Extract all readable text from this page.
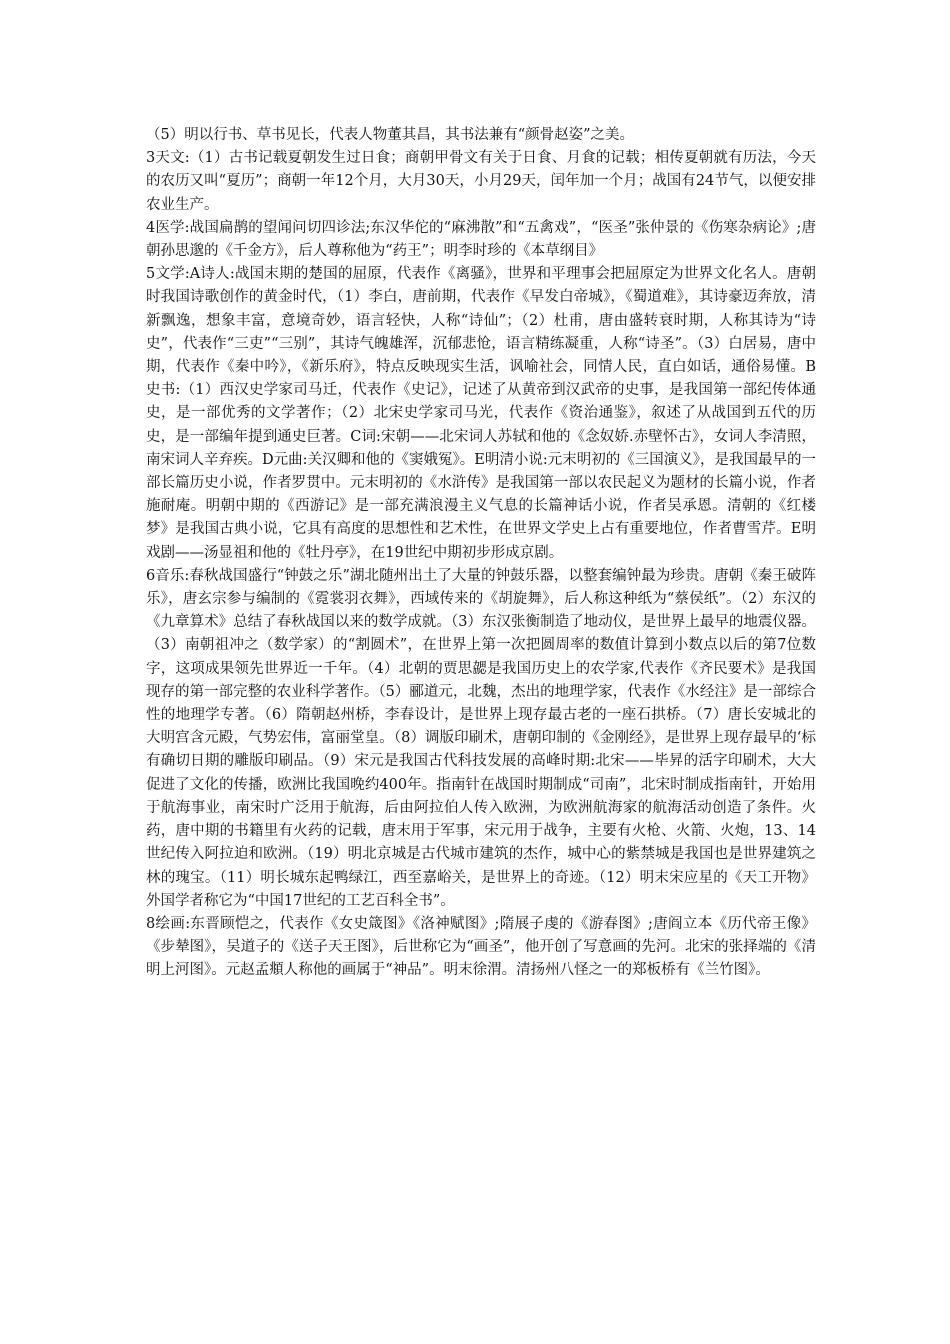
（5）明以行书、草书见长，代表人物董其昌，其书法兼有“颜骨赵姿”之美。

3天文:（1）古书记载夏朝发生过日食；商朝甲骨文有关于日食、月食的记载；相传夏朝就有历法，今天的农历又叫“夏历”；商朝一年12个月，大月30天，小月29天，闰年加一个月；战国有24节气，以便安排农业生产。

4医学:战国扁鹊的望闻问切四诊法;东汉华佗的“麻沸散”和“五禽戏”，“医圣”张仲景的《伤寒杂病论》;唐朝孙思邈的《千金方》，后人尊称他为“药王”；明李时珍的《本草纲目》

5文学:A诗人:战国末期的楚国的屈原，代表作《离骚》，世界和平理事会把屈原定为世界文化名人。唐朝时我国诗歌创作的黄金时代，（1）李白，唐前期，代表作《早发白帝城》，《蜀道难》，其诗豪迈奔放，清新飘逸，想象丰富，意境奇妙，语言轻快，人称“诗仙”；（2）杜甫，唐由盛转衰时期，人称其诗为“诗史”，代表作“三吏”“三别”，其诗气魄雄浑，沉郁悲怆，语言精练凝重，人称“诗圣”。（3）白居易，唐中期，代表作《秦中吟》，《新乐府》，特点反映现实生活，讽喻社会，同情人民，直白如话，通俗易懂。B史书:（1）西汉史学家司马迁，代表作《史记》，记述了从黄帝到汉武帝的史事，是我国第一部纪传体通史，是一部优秀的文学著作；（2）北宋史学家司马光，代表作《资治通鉴》，叙述了从战国到五代的历史，是一部编年提到通史巨著。C词:宋朝——北宋词人苏轼和他的《念奴娇.赤壁怀古》，女词人李清照，南宋词人辛弃疾。D元曲:关汉卿和他的《窦娥冤》。E明清小说:元末明初的《三国演义》，是我国最早的一部长篇历史小说，作者罗贯中。元末明初的《水浒传》是我国第一部以农民起义为题材的长篇小说，作者施耐庵。明朝中期的《西游记》是一部充满浪漫主义气息的长篇神话小说，作者吴承恩。清朝的《红楼梦》是我国古典小说，它具有高度的思想性和艺术性，在世界文学史上占有重要地位，作者曹雪芹。E明戏剧——汤显祖和他的《牡丹亭》，在19世纪中期初步形成京剧。

6音乐:春秋战国盛行“钟鼓之乐”湖北随州出土了大量的钟鼓乐器，以整套编钟最为珍贵。唐朝《秦王破阵乐》，唐玄宗参与编制的《霓裳羽衣舞》，西域传来的《胡旋舞》，后人称这种纸为“蔡侯纸”。（2）东汉的《九章算术》总结了春秋战国以来的数学成就。（3）东汉张衡制造了地动仪，是世界上最早的地震仪器。（3）南朝祖冲之（数学家）的“割圆术”，在世界上第一次把圆周率的数值计算到小数点以后的第7位数字，这项成果领先世界近一千年。（4）北朝的贾思勰是我国历史上的农学家,代表作《齐民要术》是我国现存的第一部完整的农业科学著作。（5）郦道元，北魏，杰出的地理学家，代表作《水经注》是一部综合性的地理学专著。（6）隋朝赵州桥，李春设计，是世界上现存最古老的一座石拱桥。（7）唐长安城北的大明宫含元殿，气势宏伟，富丽堂皇。（8）调版印刷术，唐朝印制的《金刚经》，是世界上现存最早的‘标有确切日期的雕版印刷品。（9）宋元是我国古代科技发展的高峰时期:北宋——毕昇的活字印刷术，大大促进了文化的传播，欧洲比我国晚约400年。指南针在战国时期制成“司南”，北宋时制成指南针，开始用于航海事业，南宋时广泛用于航海，后由阿拉伯人传入欧洲，为欧洲航海家的航海活动创造了条件。火药，唐中期的书籍里有火药的记载，唐末用于军事，宋元用于战争，主要有火枪、火箭、火炮，13、14世纪传入阿拉迫和欧洲。（19）明北京城是古代城市建筑的杰作，城中心的紫禁城是我国也是世界建筑之林的瑰宝。（11）明长城东起鸭绿江，西至嘉峪关，是世界上的奇迹。（12）明末宋应星的《天工开物》外国学者称它为“中国17世纪的工艺百科全书”。

8绘画:东晋顾恺之，代表作《女史箴图》《洛神赋图》;隋展子虔的《游春图》;唐阎立本《历代帝王像》《步辇图》，吴道子的《送子天王图》，后世称它为“画圣”，他开创了写意画的先河。北宋的张择端的《清明上河图》。元赵孟頫人称他的画属于“神品”。明末徐渭。清扬州八怪之一的郑板桥有《兰竹图》。
